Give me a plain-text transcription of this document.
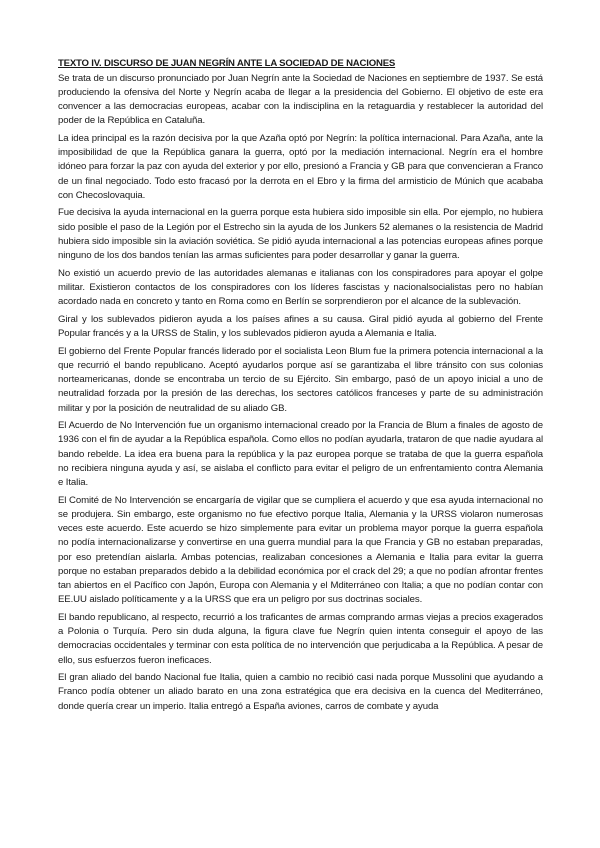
TEXTO IV. DISCURSO DE JUAN NEGRÍN ANTE LA SOCIEDAD DE NACIONES

Se trata de un discurso pronunciado por Juan Negrín ante la Sociedad de Naciones en septiembre de 1937. Se está produciendo la ofensiva del Norte y Negrín acaba de llegar a la presidencia del Gobierno. El objetivo de este era convencer a las democracias europeas, acabar con la indisciplina en la retaguardia y restablecer la autoridad del poder de la República en Cataluña.

La idea principal es la razón decisiva por la que Azaña optó por Negrín: la política internacional. Para Azaña, ante la imposibilidad de que la República ganara la guerra, optó por la mediación internacional. Negrín era el hombre idóneo para forzar la paz con ayuda del exterior y por ello, presionó a Francia y GB para que convencieran a Franco de un final negociado. Todo esto fracasó por la derrota en el Ebro y la firma del armisticio de Múnich que acababa con Checoslovaquia.

Fue decisiva la ayuda internacional en la guerra porque esta hubiera sido imposible sin ella. Por ejemplo, no hubiera sido posible el paso de la Legión por el Estrecho sin la ayuda de los Junkers 52 alemanes o la resistencia de Madrid hubiera sido imposible sin la aviación soviética. Se pidió ayuda internacional a las potencias europeas afines porque ninguno de los dos bandos tenían las armas suficientes para poder desarrollar y ganar la guerra.

No existió un acuerdo previo de las autoridades alemanas e italianas con los conspiradores para apoyar el golpe militar. Existieron contactos de los conspiradores con los líderes fascistas y nacionalsocialistas pero no habían acordado nada en concreto y tanto en Roma como en Berlín se sorprendieron por el alcance de la sublevación.

Giral y los sublevados pidieron ayuda a los países afines a su causa. Giral pidió ayuda al gobierno del Frente Popular francés y a la URSS de Stalin, y los sublevados pidieron ayuda a Alemania e Italia.

El gobierno del Frente Popular francés liderado por el socialista Leon Blum fue la primera potencia internacional a la que recurrió el bando republicano. Aceptó ayudarlos porque así se garantizaba el libre tránsito con sus colonias norteamericanas, donde se encontraba un tercio de su Ejército. Sin embargo, pasó de un apoyo inicial a uno de neutralidad forzada por la presión de las derechas, los sectores católicos franceses y parte de su administración militar y por la posición de neutralidad de su aliado GB.

El Acuerdo de No Intervención fue un organismo internacional creado por la Francia de Blum a finales de agosto de 1936 con el fin de ayudar a la República española. Como ellos no podían ayudarla, trataron de que nadie ayudara al bando rebelde. La idea era buena para la república y la paz europea porque se trataba de que la guerra española no recibiera ninguna ayuda y así, se aislaba el conflicto para evitar el peligro de un enfrentamiento contra Alemania e Italia.

El Comité de No Intervención se encargaría de vigilar que se cumpliera el acuerdo y que esa ayuda internacional no se produjera. Sin embargo, este organismo no fue efectivo porque Italia, Alemania y la URSS violaron numerosas veces este acuerdo. Este acuerdo se hizo simplemente para evitar un problema mayor porque la guerra española no podía internacionalizarse y convertirse en una guerra mundial para la que Francia y GB no estaban preparadas, por eso pretendían aislarla. Ambas potencias, realizaban concesiones a Alemania e Italia para evitar la guerra porque no estaban preparados debido a la debilidad económica por el crack del 29; a que no podían afrontar frentes tan abiertos en el Pacífico con Japón, Europa con Alemania y el Mditerráneo con Italia; a que no podían contar con EE.UU aislado políticamente y a la URSS que era un peligro por sus doctrinas sociales.

El bando republicano, al respecto, recurrió a los traficantes de armas comprando armas viejas a precios exagerados a Polonia o Turquía. Pero sin duda alguna, la figura clave fue Negrín quien intenta conseguir el apoyo de las democracias occidentales y terminar con esta política de no intervención que perjudicaba a la República. A pesar de ello, sus esfuerzos fueron ineficaces.

El gran aliado del bando Nacional fue Italia, quien a cambio no recibió casi nada porque Mussolini que ayudando a Franco podía obtener un aliado barato en una zona estratégica que era decisiva en la cuenca del Mediterráneo, donde quería crear un imperio. Italia entregó a España aviones, carros de combate y ayuda
